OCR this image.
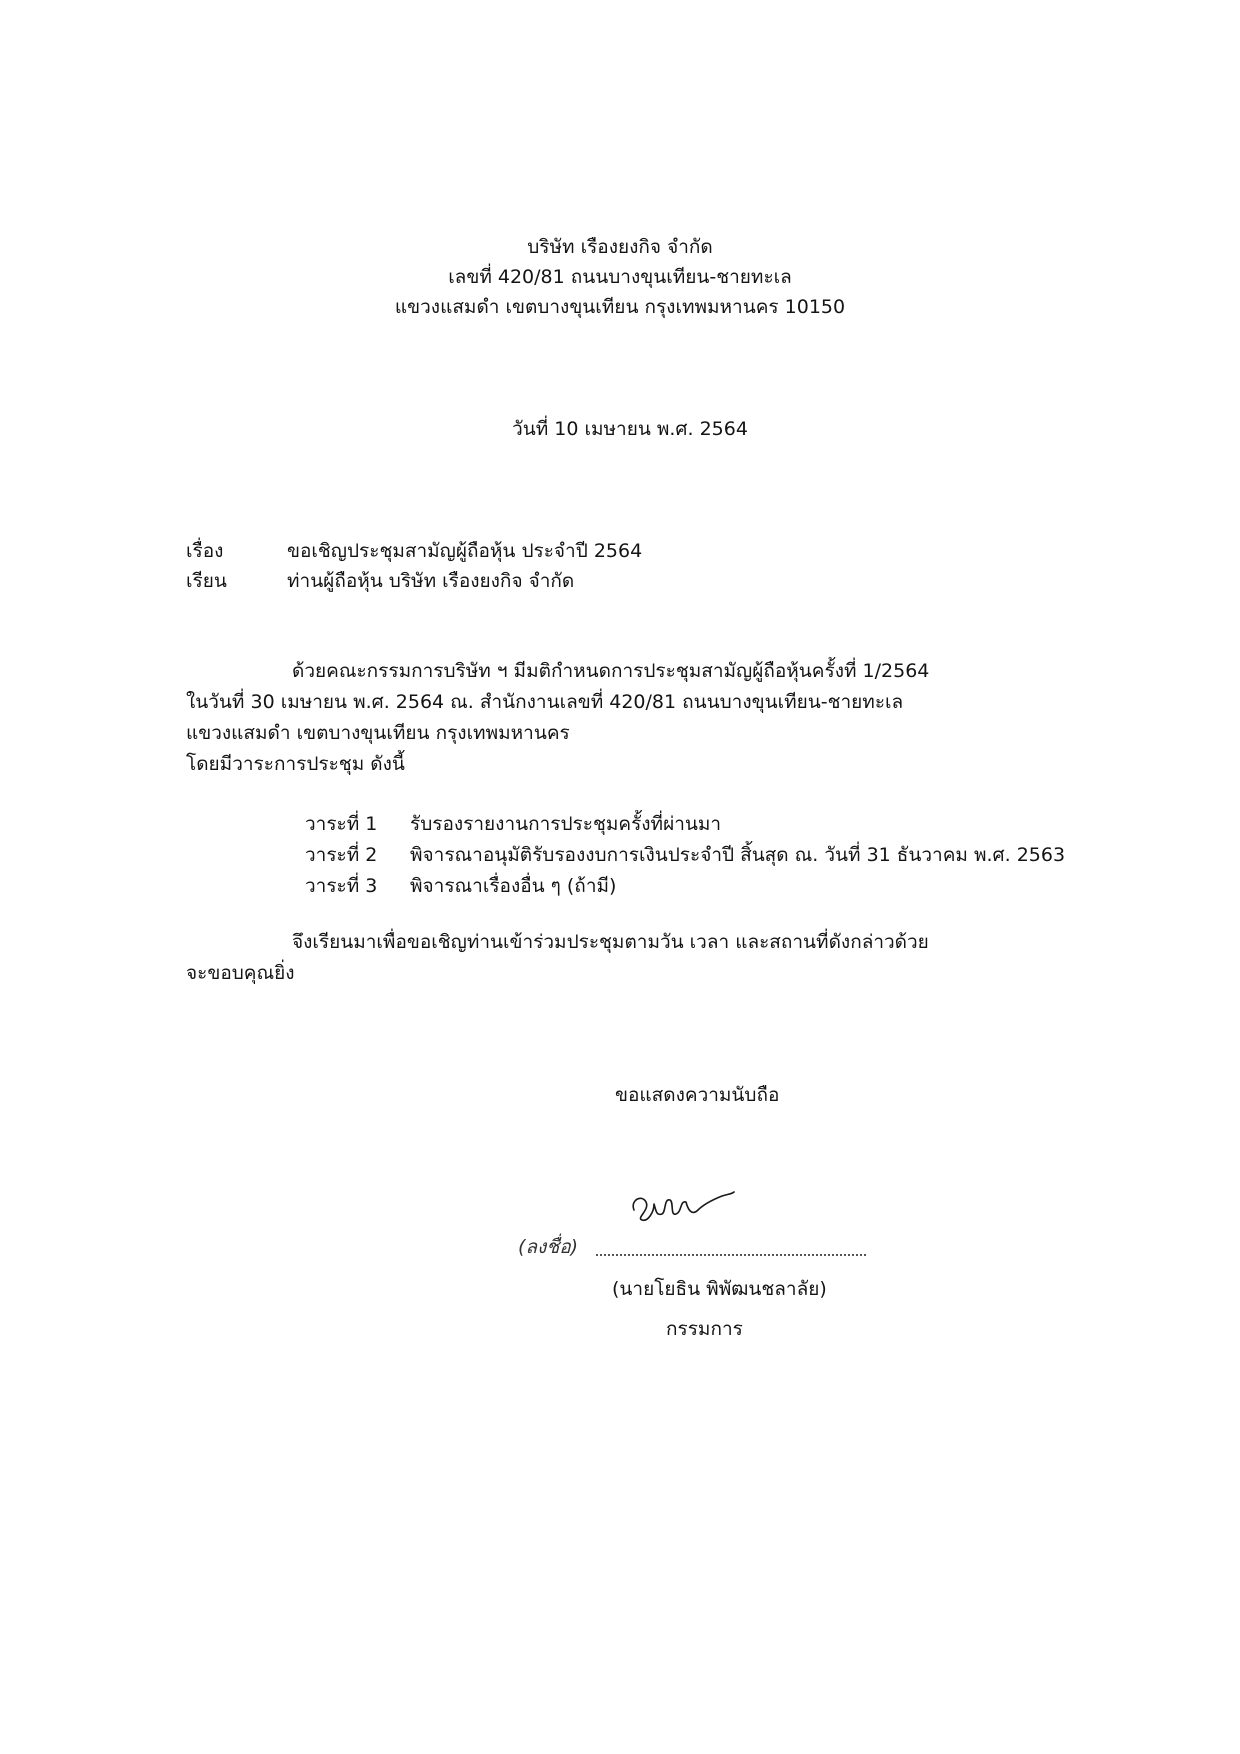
บริษัท เรืองยงกิจ จำกัด
เลขที่ 420/81 ถนนบางขุนเทียน-ชายทะเล
แขวงแสมดำ เขตบางขุนเทียน กรุงเทพมหานคร 10150
วันที่ 10 เมษายน พ.ศ. 2564
เรื่อง	ขอเชิญประชุมสามัญผู้ถือหุ้น ประจำปี 2564
เรียน	ท่านผู้ถือหุ้น บริษัท เรืองยงกิจ จำกัด
ด้วยคณะกรรมการบริษัท ฯ มีมติกำหนดการประชุมสามัญผู้ถือหุ้นครั้งที่ 1/2564
ในวันที่ 30 เมษายน พ.ศ. 2564 ณ. สำนักงานเลขที่ 420/81 ถนนบางขุนเทียน-ชายทะเล
แขวงแสมดำ เขตบางขุนเทียน กรุงเทพมหานคร
โดยมีวาระการประชุม ดังนี้
วาระที่ 1 รับรองรายงานการประชุมครั้งที่ผ่านมา
วาระที่ 2 พิจารณาอนุมัติรับรองงบการเงินประจำปี สิ้นสุด ณ. วันที่ 31 ธันวาคม พ.ศ. 2563
วาระที่ 3 พิจารณาเรื่องอื่น ๆ (ถ้ามี)
จึงเรียนมาเพื่อขอเชิญท่านเข้าร่วมประชุมตามวัน เวลา และสถานที่ดังกล่าวด้วย
จะขอบคุณยิ่ง
ขอแสดงความนับถือ
(ลงชื่อ)
(นายโยธิน พิพัฒนชลาลัย)
กรรมการ
